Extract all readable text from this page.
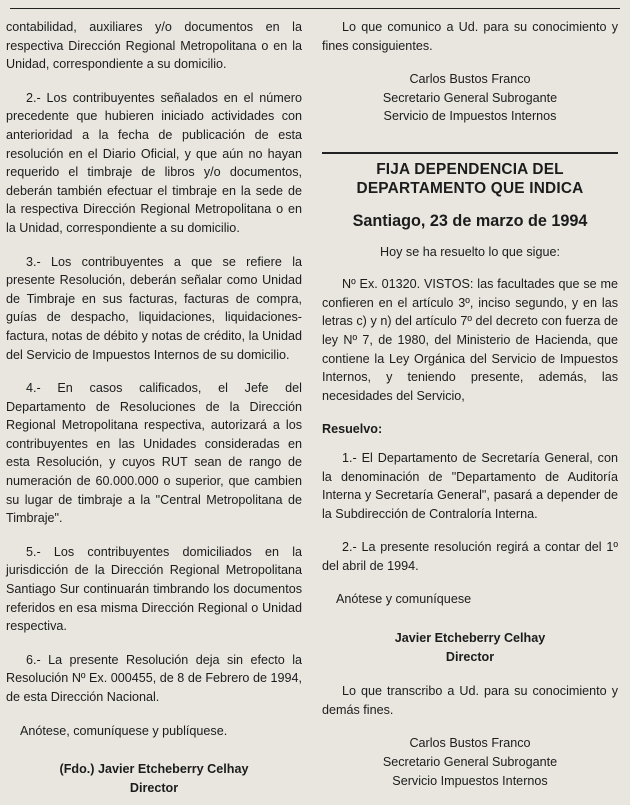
contabilidad, auxiliares y/o documentos en la respectiva Dirección Regional Metropolitana o en la Unidad, correspondiente a su domicilio.

2.- Los contribuyentes señalados en el número precedente que hubieren iniciado actividades con anterioridad a la fecha de publicación de esta resolución en el Diario Oficial, y que aún no hayan requerido el timbraje de libros y/o documentos, deberán también efectuar el timbraje en la sede de la respectiva Dirección Regional Metropolitana o en la Unidad, correspondiente a su domicilio.

3.- Los contribuyentes a que se refiere la presente Resolución, deberán señalar como Unidad de Timbraje en sus facturas, facturas de compra, guías de despacho, liquidaciones, liquidaciones-factura, notas de débito y notas de crédito, la Unidad del Servicio de Impuestos Internos de su domicilio.

4.- En casos calificados, el Jefe del Departamento de Resoluciones de la Dirección Regional Metropolitana respectiva, autorizará a los contribuyentes en las Unidades consideradas en esta Resolución, y cuyos RUT sean de rango de numeración de 60.000.000 o superior, que cambien su lugar de timbraje a la "Central Metropolitana de Timbraje".

5.- Los contribuyentes domiciliados en la jurisdicción de la Dirección Regional Metropolitana Santiago Sur continuarán timbrando los documentos referidos en esa misma Dirección Regional o Unidad respectiva.

6.- La presente Resolución deja sin efecto la Resolución Nº Ex. 000455, de 8 de Febrero de 1994, de esta Dirección Nacional.

Anótese, comuníquese y publíquese.

(Fdo.) Javier Etcheberry Celhay
Director

Lo que comunico a Ud. para su conocimiento y fines consiguientes.

Carlos Bustos Franco
Secretario General Subrogante
Servicio de Impuestos Internos
FIJA DEPENDENCIA DEL DEPARTAMENTO QUE INDICA
Santiago, 23 de marzo de 1994

Hoy se ha resuelto lo que sigue:

Nº Ex. 01320. VISTOS: las facultades que se me confieren en el artículo 3º, inciso segundo, y en las letras c) y n) del artículo 7º del decreto con fuerza de ley Nº 7, de 1980, del Ministerio de Hacienda, que contiene la Ley Orgánica del Servicio de Impuestos Internos, y teniendo presente, además, las necesidades del Servicio,

Resuelvo:

1.- El Departamento de Secretaría General, con la denominación de "Departamento de Auditoría Interna y Secretaría General", pasará a depender de la Subdirección de Contraloría Interna.

2.- La presente resolución regirá a contar del 1º del abril de 1994.

Anótese y comuníquese

Javier Etcheberry Celhay
Director

Lo que transcribo a Ud. para su conocimiento y demás fines.

Carlos Bustos Franco
Secretario General Subrogante
Servicio Impuestos Internos
